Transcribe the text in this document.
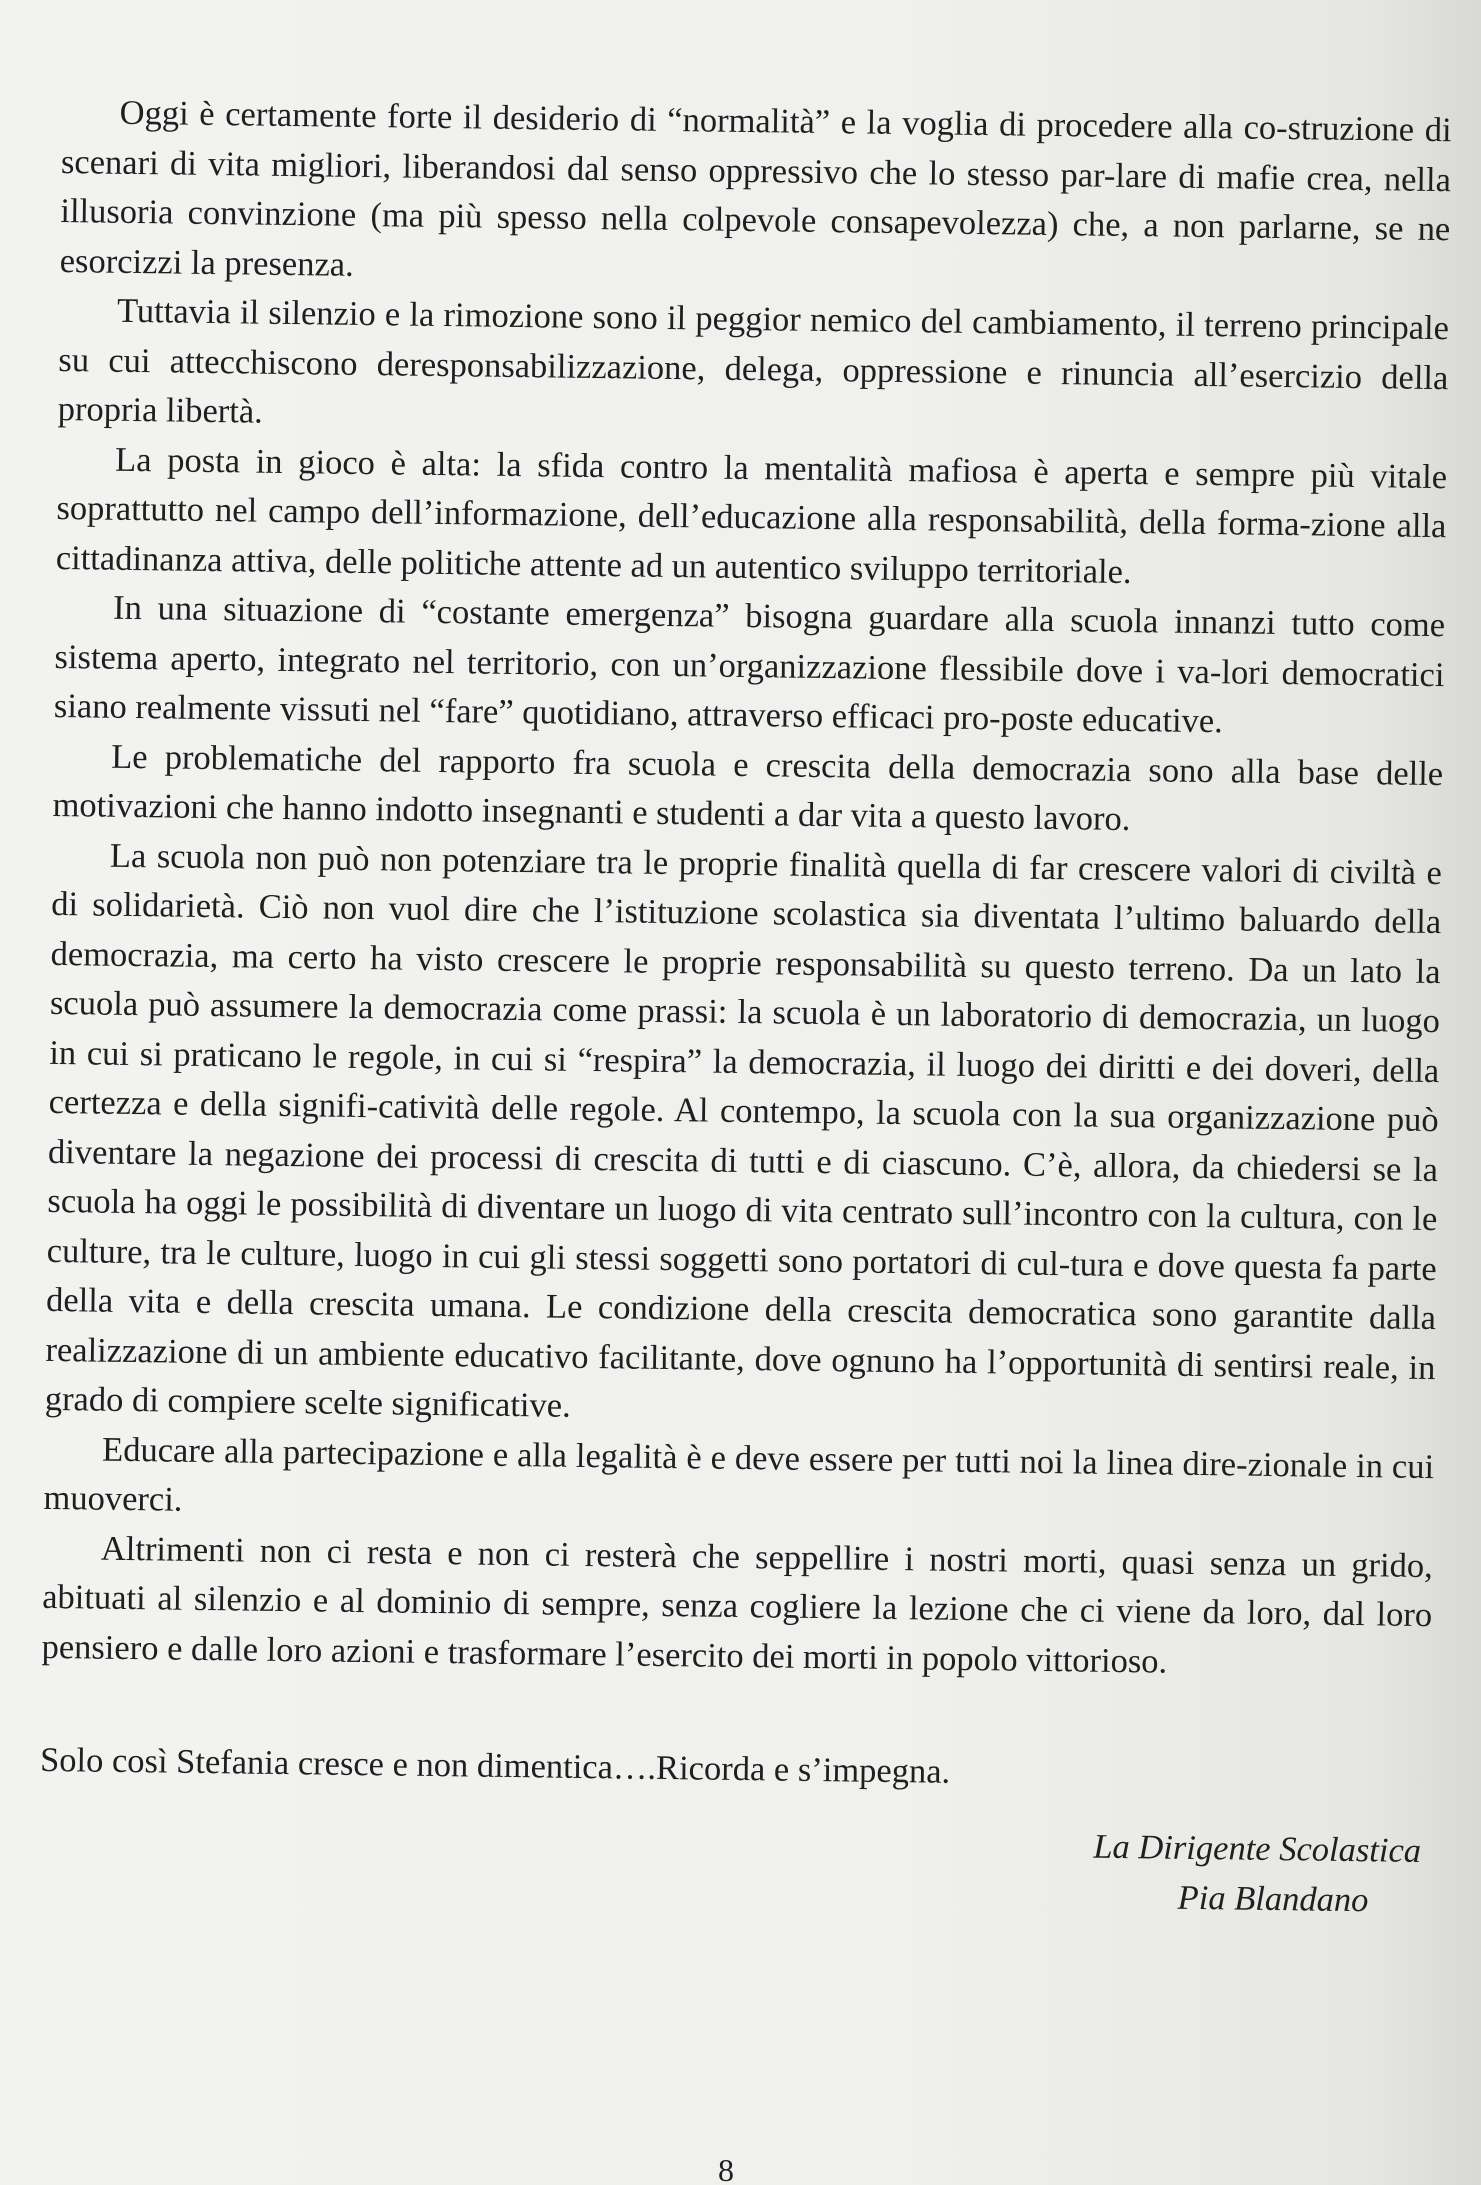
Oggi è certamente forte il desiderio di “normalità” e la voglia di procedere alla co-struzione di scenari di vita migliori, liberandosi dal senso oppressivo che lo stesso par-lare di mafie crea, nella illusoria convinzione (ma più spesso nella colpevole consapevolezza) che, a non parlarne, se ne esorcizzi la presenza.

Tuttavia il silenzio e la rimozione sono il peggior nemico del cambiamento, il terreno principale su cui attecchiscono deresponsabilizzazione, delega, oppressione e rinuncia all’esercizio della propria libertà.

La posta in gioco è alta: la sfida contro la mentalità mafiosa è aperta e sempre più vitale soprattutto nel campo dell’informazione, dell’educazione alla responsabilità, della forma-zione alla cittadinanza attiva, delle politiche attente ad un autentico sviluppo territoriale.

In una situazione di “costante emergenza” bisogna guardare alla scuola innanzi tutto come sistema aperto, integrato nel territorio, con un’organizzazione flessibile dove i va-lori democratici siano realmente vissuti nel “fare” quotidiano, attraverso efficaci pro-poste educative.

Le problematiche del rapporto fra scuola e crescita della democrazia sono alla base delle motivazioni che hanno indotto insegnanti e studenti a dar vita a questo lavoro.

La scuola non può non potenziare tra le proprie finalità quella di far crescere valori di civiltà e di solidarietà. Ciò non vuol dire che l’istituzione scolastica sia diventata l’ultimo baluardo della democrazia, ma certo ha visto crescere le proprie responsabilità su questo terreno. Da un lato la scuola può assumere la democrazia come prassi: la scuola è un laboratorio di democrazia, un luogo in cui si praticano le regole, in cui si “respira” la democrazia, il luogo dei diritti e dei doveri, della certezza e della signifi-catività delle regole. Al contempo, la scuola con la sua organizzazione può diventare la negazione dei processi di crescita di tutti e di ciascuno. C’è, allora, da chiedersi se la scuola ha oggi le possibilità di diventare un luogo di vita centrato sull’incontro con la cultura, con le culture, tra le culture, luogo in cui gli stessi soggetti sono portatori di cul-tura e dove questa fa parte della vita e della crescita umana. Le condizione della crescita democratica sono garantite dalla realizzazione di un ambiente educativo facilitante, dove ognuno ha l’opportunità di sentirsi reale, in grado di compiere scelte significative.

Educare alla partecipazione e alla legalità è e deve essere per tutti noi la linea dire-zionale in cui muoverci.

Altrimenti non ci resta e non ci resterà che seppellire i nostri morti, quasi senza un grido, abituati al silenzio e al dominio di sempre, senza cogliere la lezione che ci viene da loro, dal loro pensiero e dalle loro azioni e trasformare l’esercito dei morti in popolo vittorioso.

Solo così Stefania cresce e non dimentica….Ricorda e s’impegna.

La Dirigente Scolastica

Pia Blandano
8
